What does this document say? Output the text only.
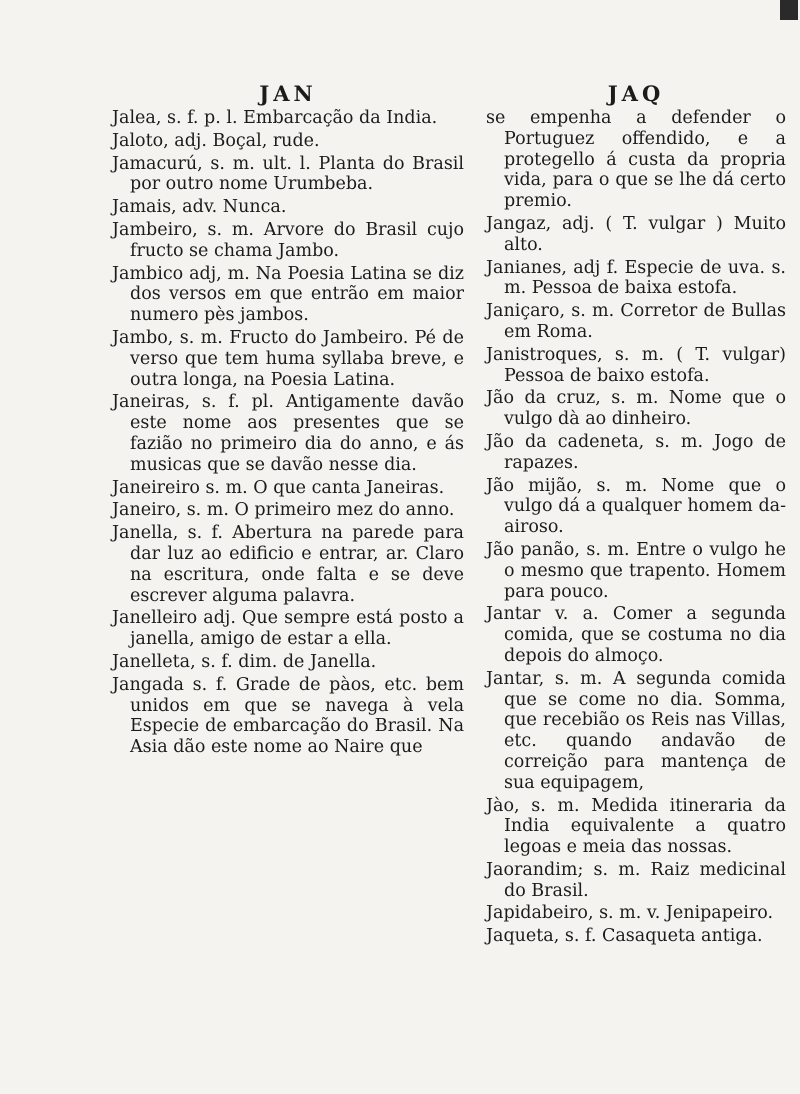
JAN

Jalea, s. f. p. l. Embarcação da India.

Jaloto, adj. Boçal, rude.

Jamacurú, s. m. ult. l. Planta do Brasil por outro nome Urumbeba.

Jamais, adv. Nunca.

Jambeiro, s. m. Arvore do Brasil cujo fructo se chama Jambo.

Jambico adj, m. Na Poesia Latina se diz dos versos em que entrão em maior numero pès jambos.

Jambo, s. m. Fructo do Jambeiro. Pé de verso que tem huma syllaba breve, e outra longa, na Poesia Latina.

Janeiras, s. f. pl. Antigamente davão este nome aos presentes que se fazião no primeiro dia do anno, e ás musicas que se davão nesse dia.

Janeireiro s. m. O que canta Janeiras.

Janeiro, s. m. O primeiro mez do anno.

Janella, s. f. Abertura na parede para dar luz ao edificio e entrar, ar. Claro na escritura, onde falta e se deve escrever alguma palavra.

Janelleiro adj. Que sempre está posto a janella, amigo de estar a ella.

Janelleta, s. f. dim. de Janella.

Jangada s. f. Grade de pàos, etc. bem unidos em que se navega à vela Especie de embarcação do Brasil. Na Asia dão este nome ao Naire que

JAQ

se empenha a defender o Portuguez offendido, e a protegello á custa da propria vida, para o que se lhe dá certo premio.

Jangaz, adj. ( T. vulgar ) Muito alto.

Janianes, adj f. Especie de uva. s. m. Pessoa de baixa estofa.

Janiçaro, s. m. Corretor de Bullas em Roma.

Janistroques, s. m. ( T. vulgar) Pessoa de baixo estofa.

Jão da cruz, s. m. Nome que o vulgo dà ao dinheiro.

Jão da cadeneta, s. m. Jogo de rapazes.

Jão mijão, s. m. Nome que o vulgo dá a qualquer homem da-airoso.

Jão panão, s. m. Entre o vulgo he o mesmo que trapento. Homem para pouco.

Jantar v. a. Comer a segunda comida, que se costuma no dia depois do almoço.

Jantar, s. m. A segunda comida que se come no dia. Somma, que recebião os Reis nas Villas, etc. quando andavão de correição para mantença de sua equipagem,

Jào, s. m. Medida itineraria da India equivalente a quatro legoas e meia das nossas.

Jaorandim; s. m. Raiz medicinal do Brasil.

Japidabeiro, s. m. v. Jenipapeiro.

Jaqueta, s. f. Casaqueta antiga.
